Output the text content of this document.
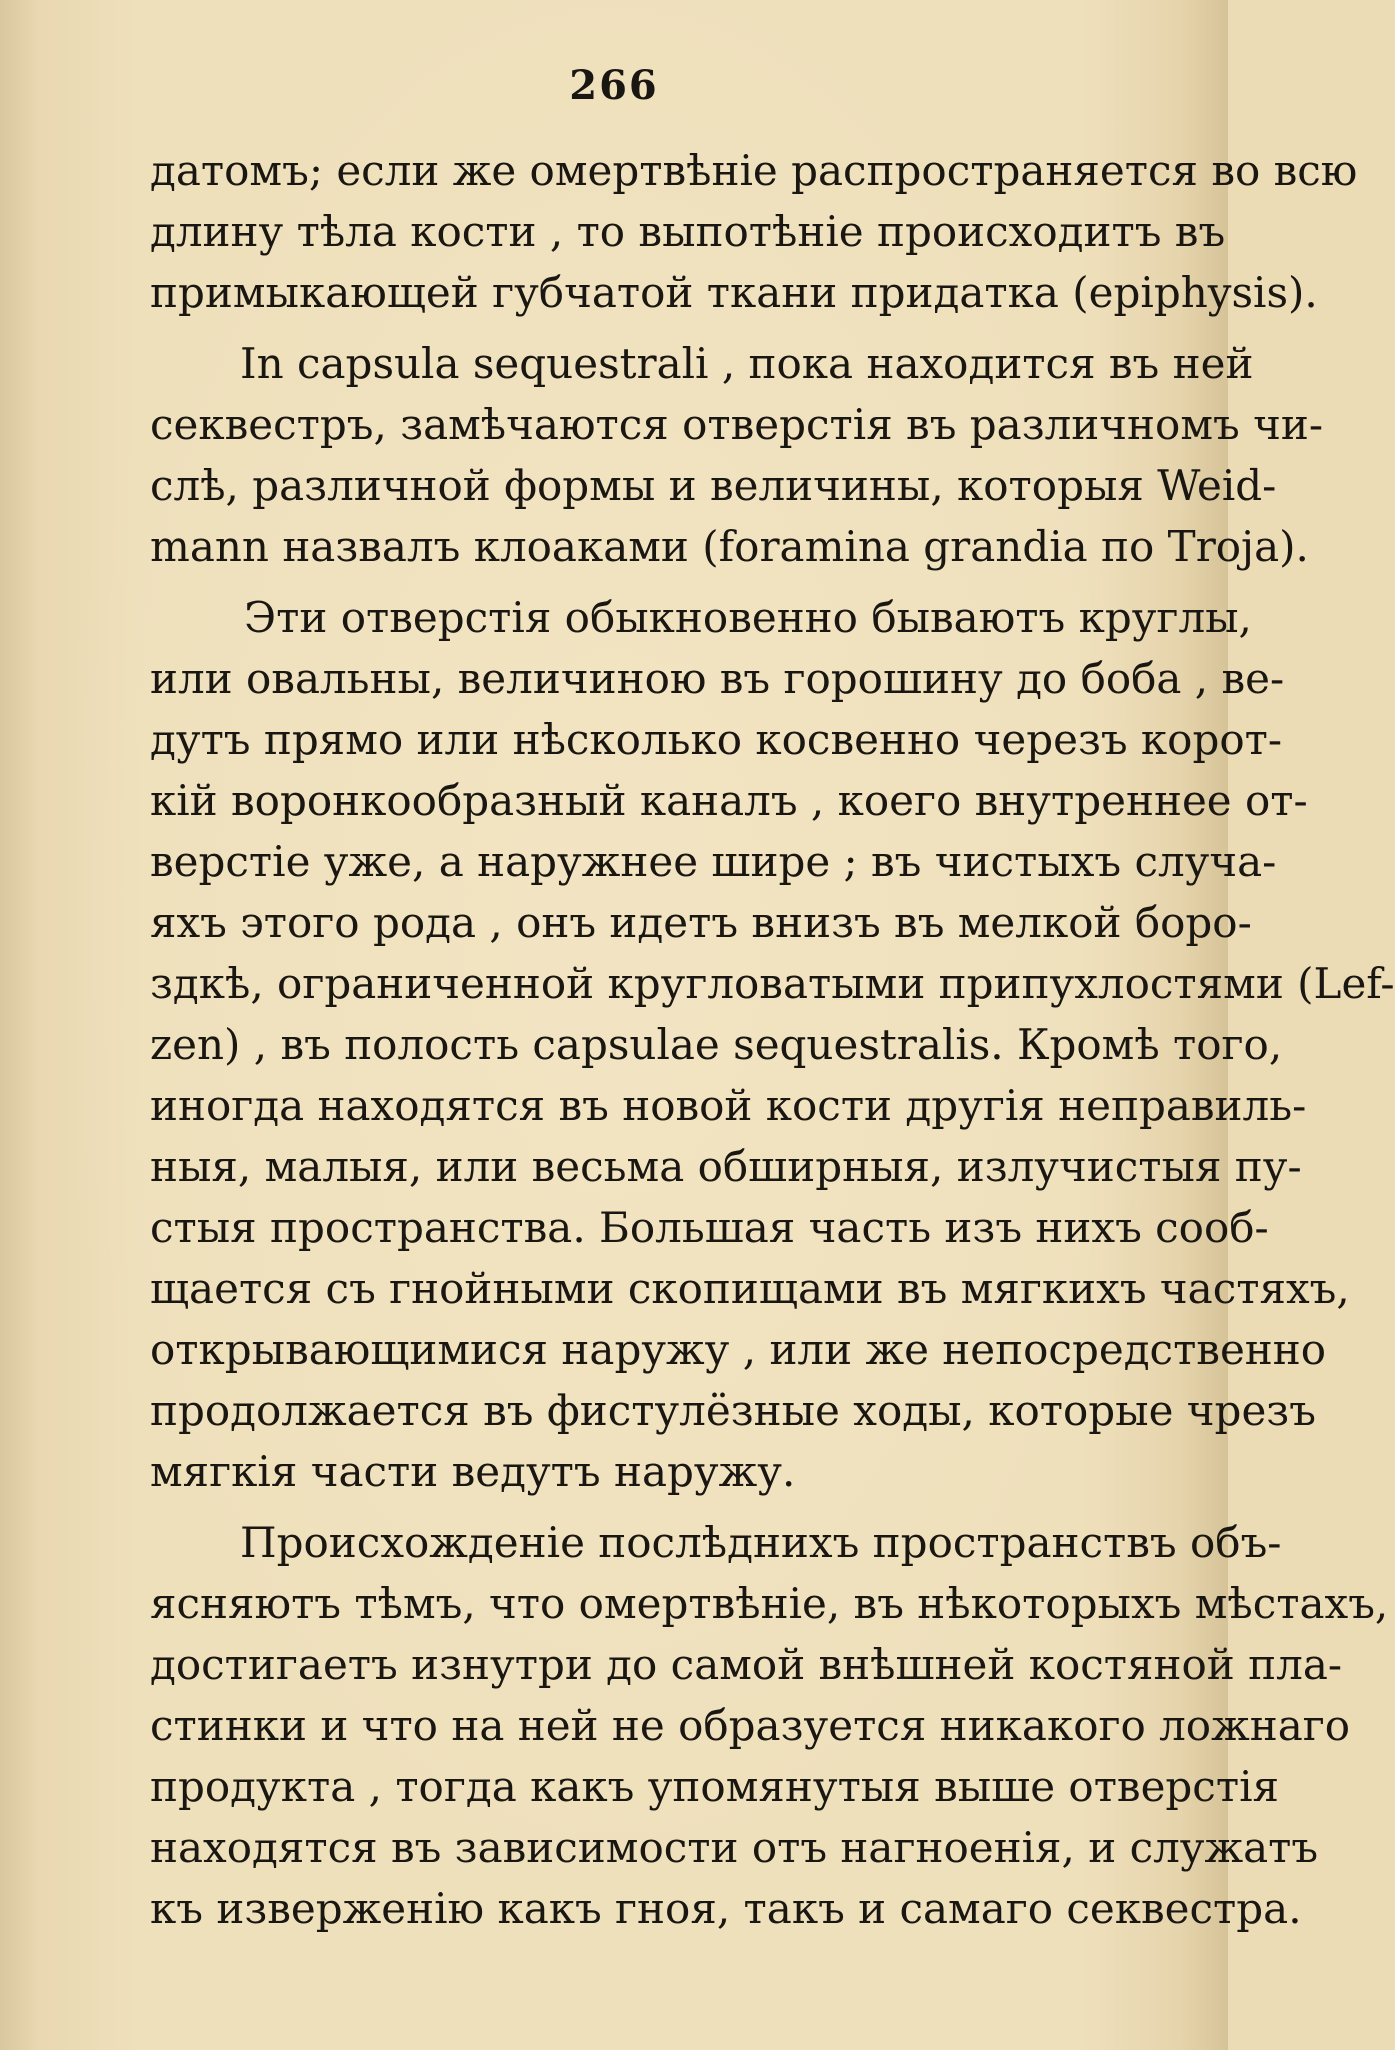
266
датомъ; если же омертвѣніе распространяется во всю
длину тѣла кости , то выпотѣніе происходитъ въ
примыкающей губчатой ткани придатка (epiphysis).
In capsula sequestrali , пока находится въ ней
секвестръ, замѣчаются отверстія въ различномъ чи-
слѣ, различной формы и величины, которыя Weid-
mann назвалъ клоаками (foramina grandia по Troja).
Эти отверстія обыкновенно бываютъ круглы,
или овальны, величиною въ горошину до боба , ве-
дутъ прямо или нѣсколько косвенно черезъ корот-
кій воронкообразный каналъ , коего внутреннее от-
верстіе уже, а наружнее шире ; въ чистыхъ случа-
яхъ этого рода , онъ идетъ внизъ въ мелкой боро-
здкѣ, ограниченной кругловатыми припухлостями (Lef-
zen) , въ полость capsulae sequestralis. Кромѣ того,
иногда находятся въ новой кости другія неправиль-
ныя, малыя, или весьма обширныя, излучистыя пу-
стыя пространства. Большая часть изъ нихъ сооб-
щается съ гнойными скопищами въ мягкихъ частяхъ,
открывающимися наружу , или же непосредственно
продолжается въ фистулёзные ходы, которые чрезъ
мягкія части ведутъ наружу.
Происхожденіе послѣднихъ пространствъ объ-
ясняютъ тѣмъ, что омертвѣніе, въ нѣкоторыхъ мѣстахъ,
достигаетъ изнутри до самой внѣшней костяной пла-
стинки и что на ней не образуется никакого ложнаго
продукта , тогда какъ упомянутыя выше отверстія
находятся въ зависимости отъ нагноенія, и служатъ
къ изверженію какъ гноя, такъ и самаго секвестра.
